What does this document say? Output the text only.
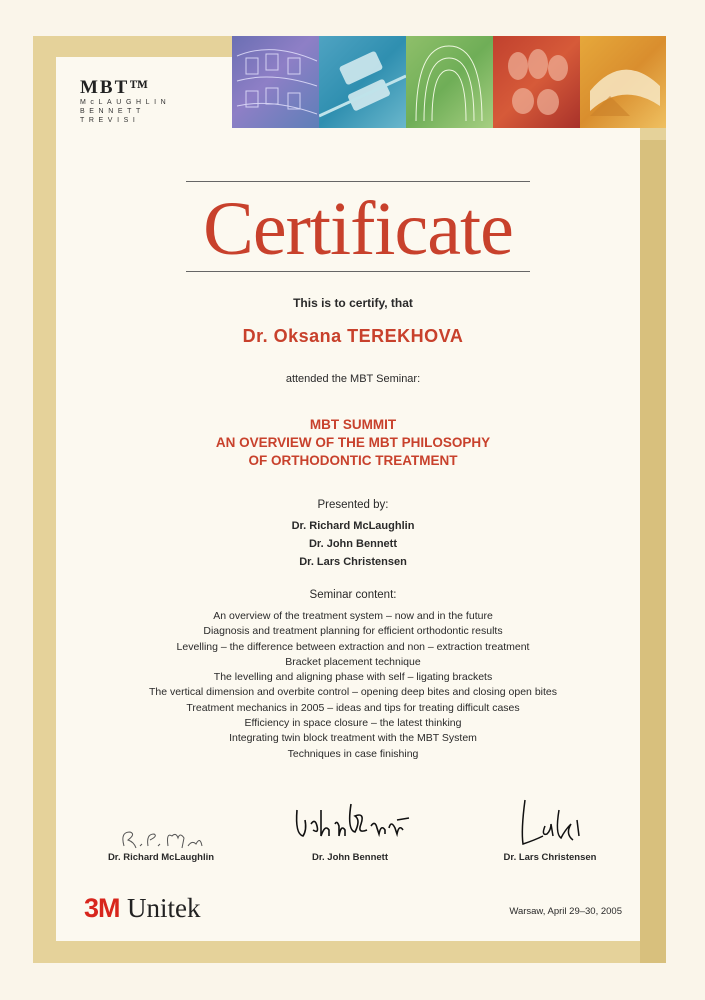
MBT™
McLAUGHLIN
BENNETT
TREVISI
Certificate
This is to certify, that
Dr. Oksana TEREKHOVA
attended the MBT Seminar:
MBT SUMMIT
AN OVERVIEW OF THE MBT PHILOSOPHY
OF ORTHODONTIC TREATMENT
Presented by:
Dr. Richard McLaughlin
Dr. John Bennett
Dr. Lars Christensen
Seminar content:
An overview of the treatment system – now and in the future
Diagnosis and treatment planning for efficient orthodontic results
Levelling – the difference between extraction and non – extraction treatment
Bracket placement technique
The levelling and aligning phase with self – ligating brackets
The vertical dimension and overbite control – opening deep bites and closing open bites
Treatment mechanics in 2005 – ideas and tips for treating difficult cases
Efficiency in space closure – the latest thinking
Integrating twin block treatment with the MBT System
Techniques in case finishing
Dr. Richard McLaughlin	Dr. John Bennett	Dr. Lars Christensen
3M Unitek	Warsaw, April 29–30, 2005
